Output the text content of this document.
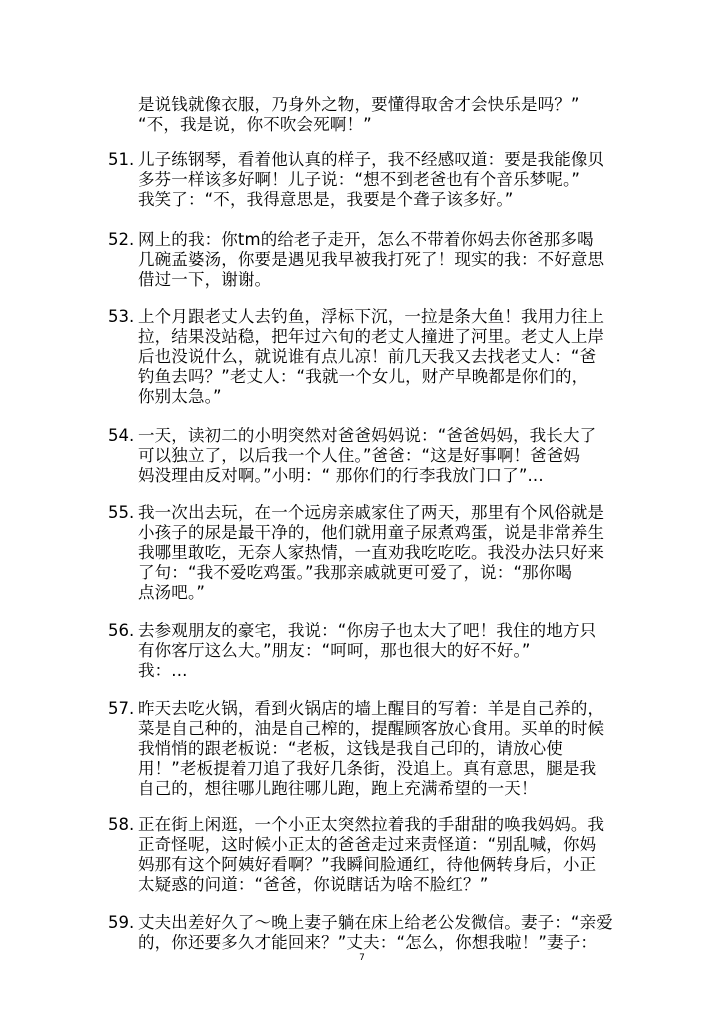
是说钱就像衣服，乃身外之物，要懂得取舍才会快乐是吗？”
“不，我是说，你不吹会死啊！”
51. 儿子练钢琴，看着他认真的样子，我不经感叹道：要是我能像贝
多芬一样该多好啊！儿子说：“想不到老爸也有个音乐梦呢。”
我笑了：“不，我得意思是，我要是个聋子该多好。”
52. 网上的我：你tm的给老子走开，怎么不带着你妈去你爸那多喝
几碗孟婆汤，你要是遇见我早被我打死了！现实的我：不好意思
借过一下，谢谢。
53. 上个月跟老丈人去钓鱼，浮标下沉，一拉是条大鱼！我用力往上
拉，结果没站稳，把年过六旬的老丈人撞进了河里。老丈人上岸
后也没说什么，就说谁有点儿凉！前几天我又去找老丈人：“爸
钓鱼去吗？”老丈人：“我就一个女儿，财产早晚都是你们的，
你别太急。”
54. 一天，读初二的小明突然对爸爸妈妈说：“爸爸妈妈，我长大了
可以独立了，以后我一个人住。”爸爸：“这是好事啊！爸爸妈
妈没理由反对啊。”小明：“ 那你们的行李我放门口了”...
55. 我一次出去玩，在一个远房亲戚家住了两天，那里有个风俗就是
小孩子的尿是最干净的，他们就用童子尿煮鸡蛋，说是非常养生
我哪里敢吃，无奈人家热情，一直劝我吃吃吃。我没办法只好来
了句：“我不爱吃鸡蛋。”我那亲戚就更可爱了，说：“那你喝
点汤吧。”
56. 去参观朋友的豪宅，我说：“你房子也太大了吧！我住的地方只
有你客厅这么大。”朋友：“呵呵，那也很大的好不好。”
我：...
57. 昨天去吃火锅，看到火锅店的墙上醒目的写着：羊是自己养的，
菜是自己种的，油是自己榨的，提醒顾客放心食用。买单的时候
我悄悄的跟老板说：“老板，这钱是我自己印的，请放心使
用！”老板提着刀追了我好几条街，没追上。真有意思，腿是我
自己的，想往哪儿跑往哪儿跑，跑上充满希望的一天！
58. 正在街上闲逛，一个小正太突然拉着我的手甜甜的唤我妈妈。我
正奇怪呢，这时候小正太的爸爸走过来责怪道：“别乱喊，你妈
妈那有这个阿姨好看啊？”我瞬间脸通红，待他俩转身后，小正
太疑惑的问道：“爸爸，你说瞎话为啥不脸红？”
59. 丈夫出差好久了～晚上妻子躺在床上给老公发微信。妻子：“亲爱
的，你还要多久才能回来？”丈夫：“怎么，你想我啦！”妻子：
7
